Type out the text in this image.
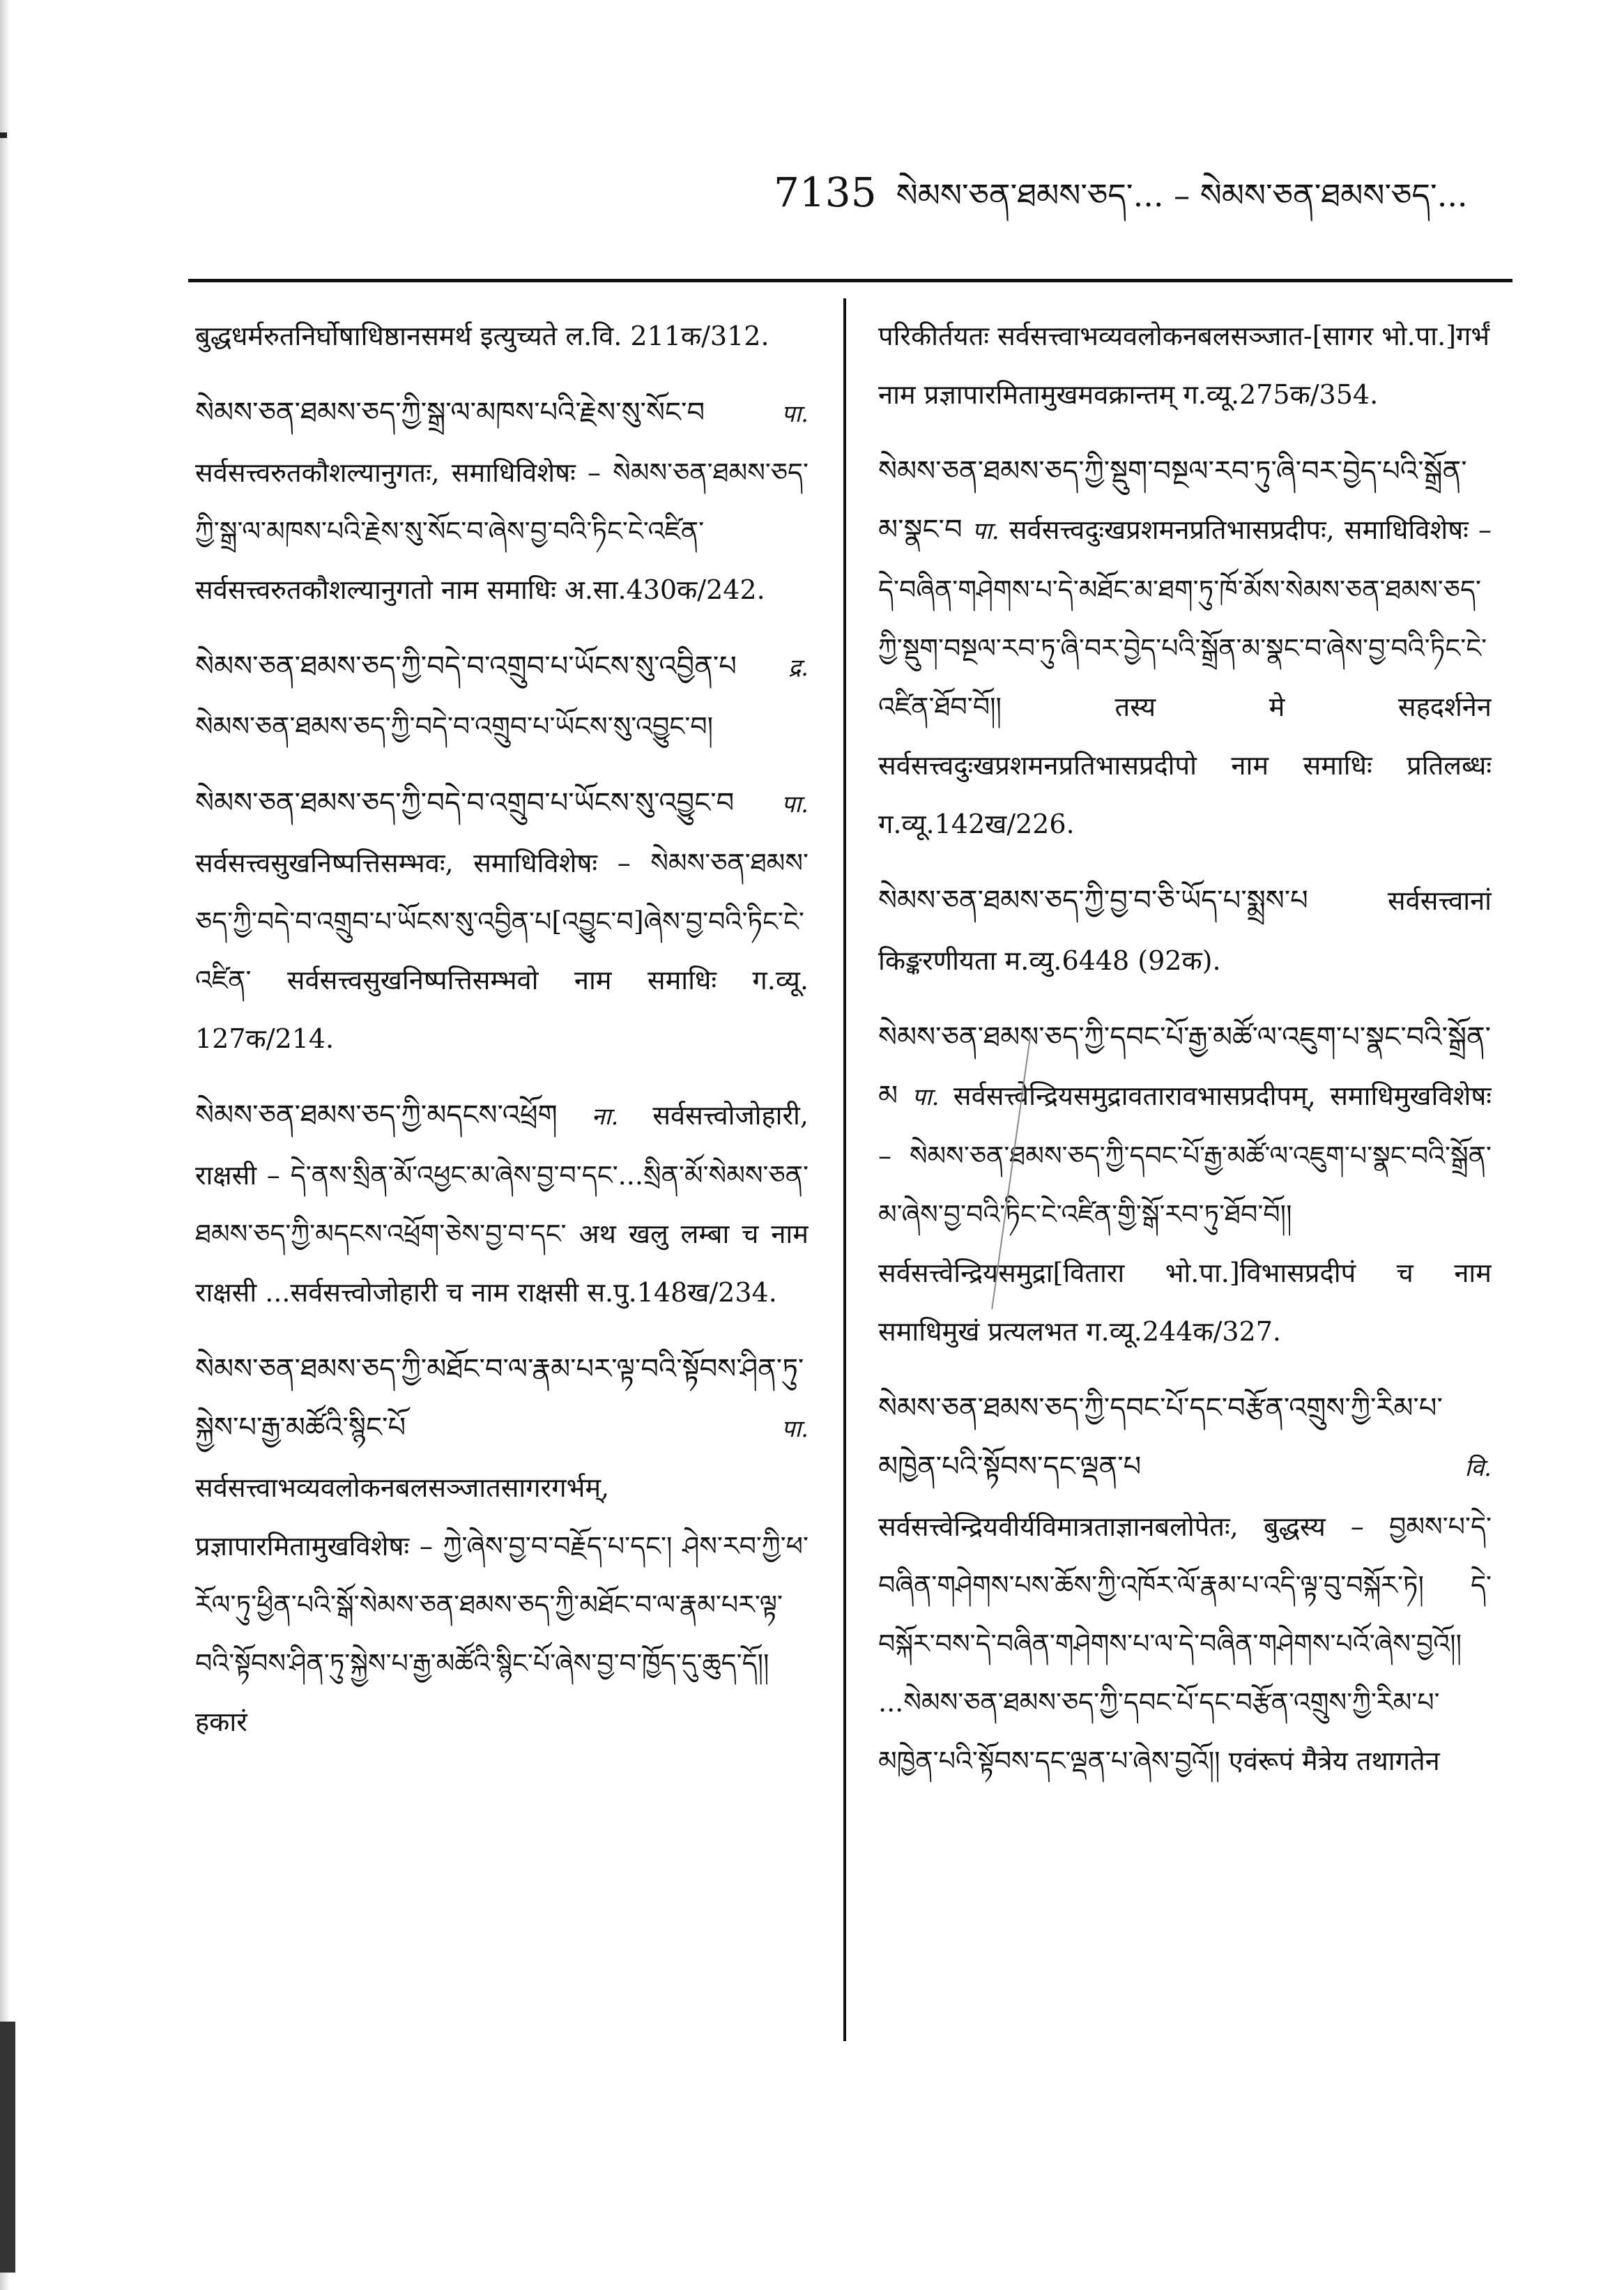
7135 སེམས་ཅན་ཐམས་ཅད་... – སེམས་ཅན་ཐམས་ཅད་...

बुद्धधर्मरुतनिर्घोषाधिष्ठानसमर्थ इत्युच्यते ल.वि. 211क/312.

སེམས་ཅན་ཐམས་ཅད་ཀྱི་སྒྲ་ལ་མཁས་པའི་རྗེས་སུ་སོང་བ	पा. सर्वसत्त्वरुतकौशल्यानुगतः, समाधिविशेषः – སེམས་ཅན་ཐམས་ཅད་ཀྱི་སྒྲ་ལ་མཁས་པའི་རྗེས་སུ་སོང་བ་ཞེས་བྱ་བའི་ཏིང་ངེ་འཛིན་ सर्वसत्त्वरुतकौशल्यानुगतो नाम समाधिः अ.सा.430क/242.

སེམས་ཅན་ཐམས་ཅད་ཀྱི་བདེ་བ་འགྲུབ་པ་ཡོངས་སུ་འབྱིན་པ द्र. སེམས་ཅན་ཐམས་ཅད་ཀྱི་བདེ་བ་འགྲུབ་པ་ཡོངས་སུ་འབྱུང་བ།

སེམས་ཅན་ཐམས་ཅད་ཀྱི་བདེ་བ་འགྲུབ་པ་ཡོངས་སུ་འབྱུང་བ पा. सर्वसत्त्वसुखनिष्पत्तिसम्भवः, समाधिविशेषः – སེམས་ཅན་ཐམས་ཅད་ཀྱི་བདེ་བ་འགྲུབ་པ་ཡོངས་སུ་འབྱིན་པ[འབྱུང་བ]ཞེས་བྱ་བའི་ཏིང་ངེ་འཛིན་ सर्वसत्त्वसुखनिष्पत्तिसम्भवो नाम समाधिः ग.व्यू. 127क/214.

སེམས་ཅན་ཐམས་ཅད་ཀྱི་མདངས་འཕྲོག ना. सर्वसत्त्वोजोहारी, राक्षसी – དེ་ནས་སྲིན་མོ་འཕྱང་མ་ཞེས་བྱ་བ་དང་...སྲིན་མོ་སེམས་ཅན་ཐམས་ཅད་ཀྱི་མདངས་འཕྲོག་ཅེས་བྱ་བ་དང་ अथ खलु लम्बा च नाम राक्षसी ...सर्वसत्त्वोजोहारी च नाम राक्षसी स.पु.148ख/234.

སེམས་ཅན་ཐམས་ཅད་ཀྱི་མཐོང་བ་ལ་རྣམ་པར་ལྟ་བའི་སྟོབས་ཤིན་ཏུ་སྐྱེས་པ་རྒྱ་མཚོའི་སྙིང་པོ	पा. सर्वसत्त्वाभव्यवलोकनबलसञ्जातसागरगर्भम्, प्रज्ञापारमितामुखविशेषः – ཀྱེ་ཞེས་བྱ་བ་བརྗོད་པ་དང་། ཤེས་རབ་ཀྱི་ཕ་རོལ་ཏུ་ཕྱིན་པའི་སྒོ་སེམས་ཅན་ཐམས་ཅད་ཀྱི་མཐོང་བ་ལ་རྣམ་པར་ལྟ་བའི་སྟོབས་ཤིན་ཏུ་སྐྱེས་པ་རྒྱ་མཚོའི་སྙིང་པོ་ཞེས་བྱ་བ་ཁྱོད་དུ་ཆུད་དོ།། हकारं

परिकीर्तयतः सर्वसत्त्वाभव्यवलोकनबलसञ्जात-[सागर भो.पा.]गर्भं नाम प्रज्ञापारमितामुखमवक्रान्तम् ग.व्यू.275क/354.

སེམས་ཅན་ཐམས་ཅད་ཀྱི་སྡུག་བསྔལ་རབ་ཏུ་ཞི་བར་བྱེད་པའི་སྒྲོན་མ་སྣང་བ पा. सर्वसत्त्वदुःखप्रशमनप्रतिभासप्रदीपः, समाधिविशेषः – དེ་བཞིན་གཤེགས་པ་དེ་མཐོང་མ་ཐག་ཏུ་ཁོ་མོས་སེམས་ཅན་ཐམས་ཅད་ཀྱི་སྡུག་བསྔལ་རབ་ཏུ་ཞི་བར་བྱེད་པའི་སྒྲོན་མ་སྣང་བ་ཞེས་བྱ་བའི་ཏིང་ངེ་འཛིན་ཐོབ་བོ།། तस्य मे सहदर्शनेन सर्वसत्त्वदुःखप्रशमनप्रतिभासप्रदीपो नाम समाधिः प्रतिलब्धः ग.व्यू.142ख/226.

སེམས་ཅན་ཐམས་ཅད་ཀྱི་བྱ་བ་ཅི་ཡོད་པ་སྨྲས་པ	सर्वसत्त्वानां किङ्करणीयता म.व्यु.6448 (92क).

སེམས་ཅན་ཐམས་ཅད་ཀྱི་དབང་པོ་རྒྱ་མཚོ་ལ་འཇུག་པ་སྣང་བའི་སྒྲོན་མ पा. सर्वसत्त्वेन्द्रियसमुद्रावतारावभासप्रदीपम्, समाधिमुखविशेषः – སེམས་ཅན་ཐམས་ཅད་ཀྱི་དབང་པོ་རྒྱ་མཚོ་ལ་འཇུག་པ་སྣང་བའི་སྒྲོན་མ་ཞེས་བྱ་བའི་ཏིང་ངེ་འཛིན་གྱི་སྒོ་རབ་ཏུ་ཐོབ་བོ།། सर्वसत्त्वेन्द्रियसमुद्रा[वितारा भो.पा.]विभासप्रदीपं च नाम समाधिमुखं प्रत्यलभत ग.व्यू.244क/327.

སེམས་ཅན་ཐམས་ཅད་ཀྱི་དབང་པོ་དང་བརྩོན་འགྲུས་ཀྱི་རིམ་པ་མཁྱེན་པའི་སྟོབས་དང་ལྡན་པ	वि. सर्वसत्त्वेन्द्रियवीर्यविमात्रताज्ञानबलोपेतः, बुद्धस्य – བྱམས་པ་དེ་བཞིན་གཤེགས་པས་ཆོས་ཀྱི་འཁོར་ལོ་རྣམ་པ་འདི་ལྟ་བུ་བསྐོར་ཏེ། དེ་བསྐོར་བས་དེ་བཞིན་གཤེགས་པ་ལ་དེ་བཞིན་གཤེགས་པའོ་ཞེས་བྱའོ།། ...སེམས་ཅན་ཐམས་ཅད་ཀྱི་དབང་པོ་དང་བརྩོན་འགྲུས་ཀྱི་རིམ་པ་མཁྱེན་པའི་སྟོབས་དང་ལྡན་པ་ཞེས་བྱའོ།། एवंरूपं मैत्रेय तथागतेन
